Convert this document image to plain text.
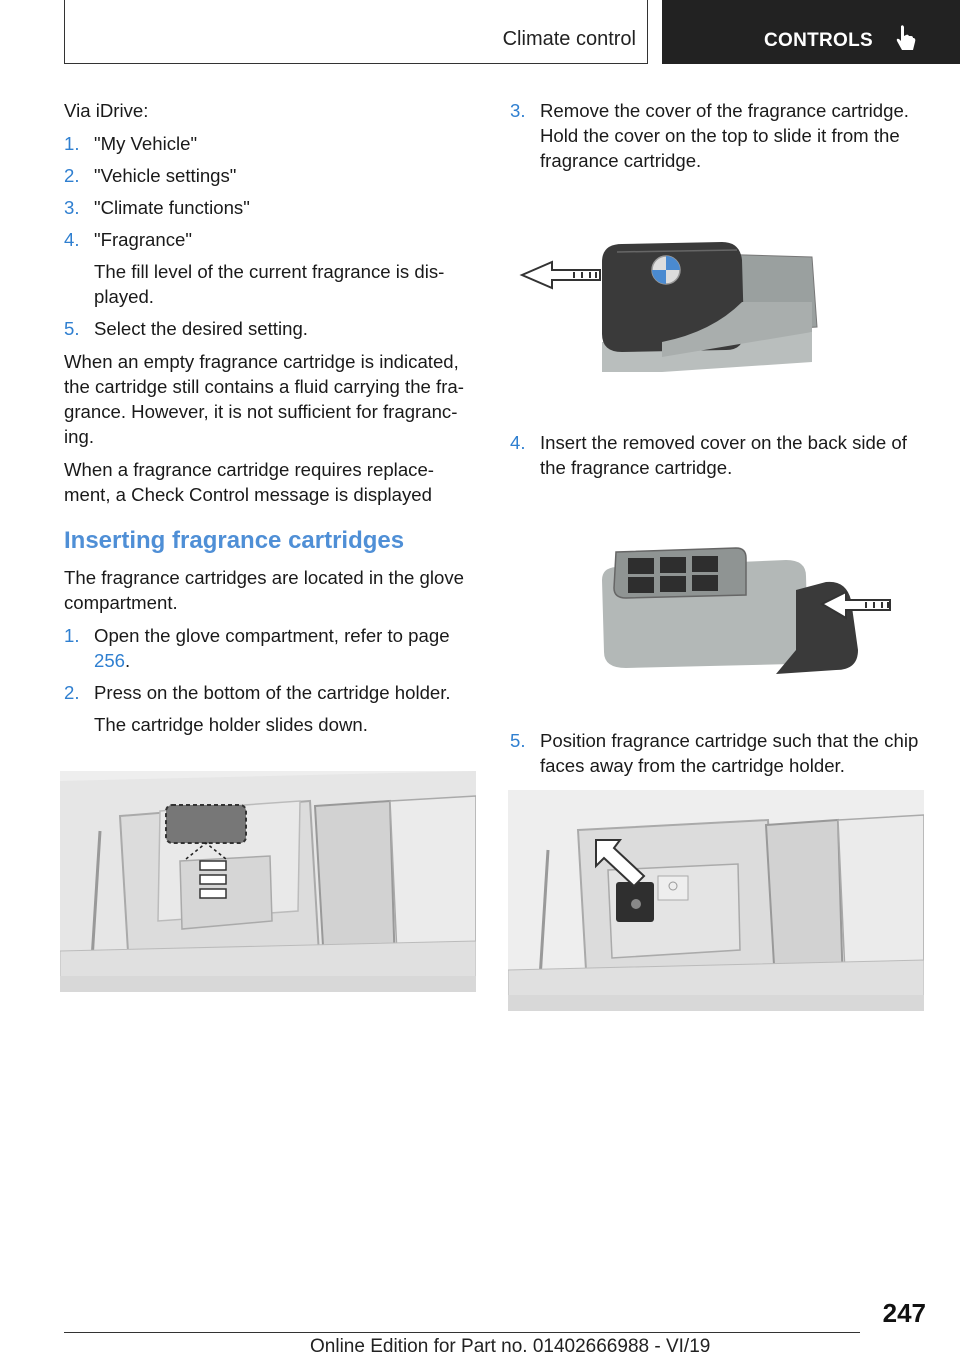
Climate control	CONTROLS

Via iDrive:

1. "My Vehicle"
2. "Vehicle settings"
3. "Climate functions"
4. "Fragrance"
The fill level of the current fragrance is dis‐played.
5. Select the desired setting.

When an empty fragrance cartridge is indicated, the cartridge still contains a fluid carrying the fra‐grance. However, it is not sufficient for fragranc‐ing.

When a fragrance cartridge requires replace‐ment, a Check Control message is displayed

Inserting fragrance cartridges

The fragrance cartridges are located in the glove compartment.

1. Open the glove compartment, refer to page 256.
2. Press on the bottom of the cartridge holder.
The cartridge holder slides down.
3. Remove the cover of the fragrance cartridge. Hold the cover on the top to slide it from the fragrance cartridge.
4. Insert the removed cover on the back side of the fragrance cartridge.
5. Position fragrance cartridge such that the chip faces away from the cartridge holder.
247
Online Edition for Part no. 01402666988 - VI/19
